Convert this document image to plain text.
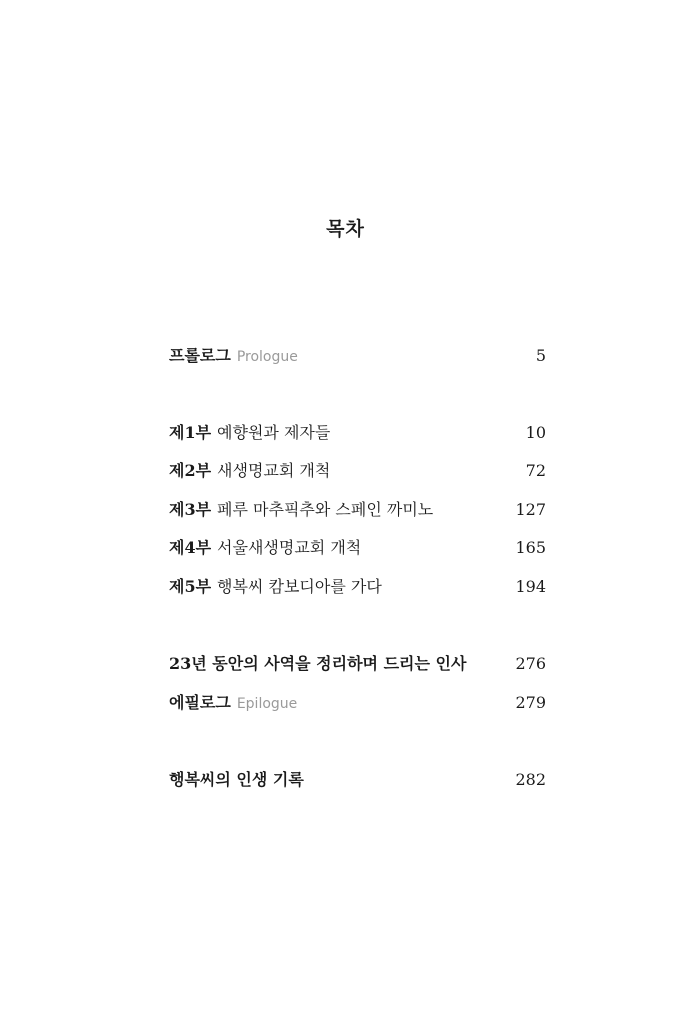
목차
프롤로그 Prologue	5
제1부 예향원과 제자들	10
제2부 새생명교회 개척	72
제3부 페루 마추픽추와 스페인 까미노	127
제4부 서울새생명교회 개척	165
제5부 행복씨 캄보디아를 가다	194
23년 동안의 사역을 정리하며 드리는 인사	276
에필로그 Epilogue	279
행복씨의 인생 기록	282
